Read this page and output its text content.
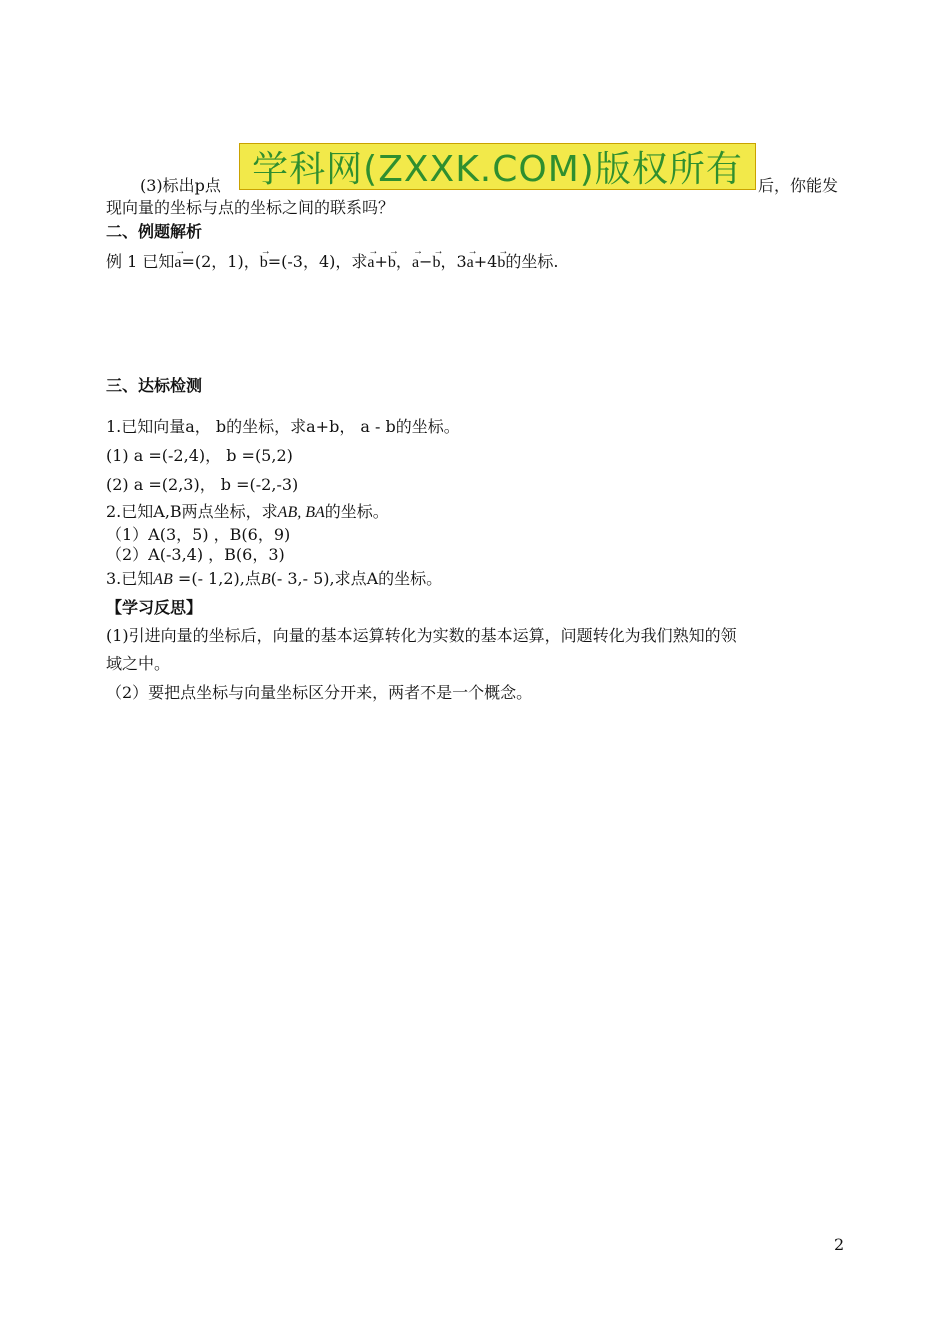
学科网(ZXXK.COM)版权所有
(3)标出p点	后，你能发
现向量的坐标与点的坐标之间的联系吗？
二、例题解析
例 1 已知→ a=(2，1)，→ b=(-3，4)，求→ a+→ b，→ a−→ b，3→ a+4→ b的坐标.
三、达标检测
1.已知向量a， b的坐标，求a+b， a - b的坐标。
(1) a =(-2,4)， b =(5,2)
(2) a =(2,3)， b =(-2,-3)
2.已知A,B两点坐标，求AB, BA的坐标。
（1）A(3，5) ，B(6，9)
（2）A(-3,4) ，B(6，3)
3.已知AB =(- 1,2),点B(- 3,- 5),求点A的坐标。
【学习反思】
(1)引进向量的坐标后，向量的基本运算转化为实数的基本运算，问题转化为我们熟知的领
域之中。
（2）要把点坐标与向量坐标区分开来，两者不是一个概念。
2
